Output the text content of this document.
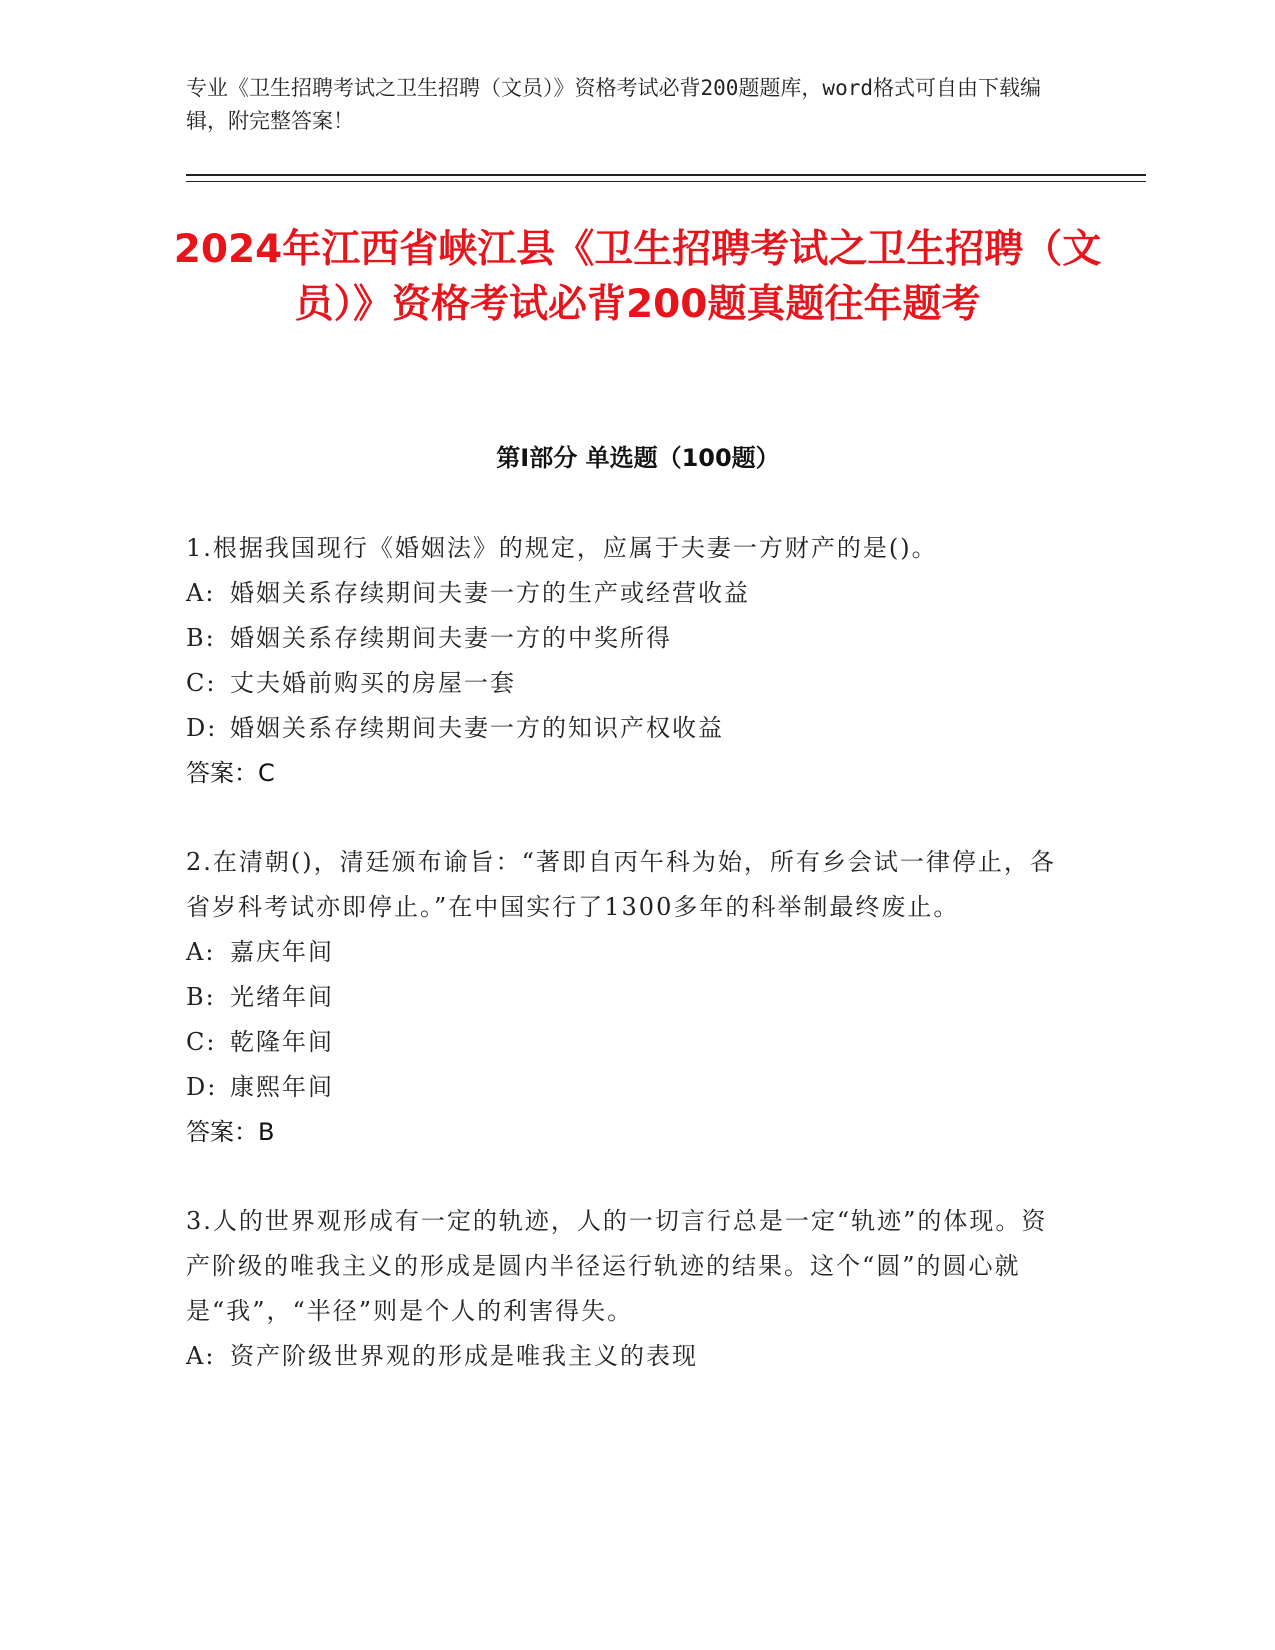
专业《卫生招聘考试之卫生招聘（文员）》资格考试必背200题题库，word格式可自由下载编辑，附完整答案！

2024年江西省峡江县《卫生招聘考试之卫生招聘（文员）》资格考试必背200题真题往年题考
第Ⅰ部分 单选题（100题）

1.根据我国现行《婚姻法》的规定，应属于夫妻一方财产的是()。

A: 婚姻关系存续期间夫妻一方的生产或经营收益
B: 婚姻关系存续期间夫妻一方的中奖所得
C: 丈夫婚前购买的房屋一套
D: 婚姻关系存续期间夫妻一方的知识产权收益

答案：C

2.在清朝()，清廷颁布谕旨：“著即自丙午科为始，所有乡会试一律停止，各省岁科考试亦即停止。”在中国实行了1300多年的科举制最终废止。

A: 嘉庆年间
B: 光绪年间
C: 乾隆年间
D: 康熙年间

答案：B

3.人的世界观形成有一定的轨迹，人的一切言行总是一定“轨迹”的体现。资产阶级的唯我主义的形成是圆内半径运行轨迹的结果。这个“圆”的圆心就是“我”，“半径”则是个人的利害得失。

A: 资产阶级世界观的形成是唯我主义的表现
